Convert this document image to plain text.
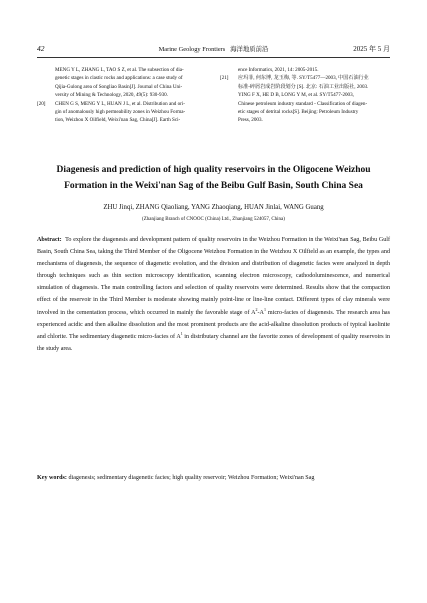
42	Marine Geology Frontiers 海洋地质前沿	2025 年 5 月
MENG Y L, ZHANG L, TAO S Z, et al. The subsection of dia-
genetic stages in clastic rocks and applications: a case study of
Qijia-Gulong area of Songliao Basin[J]. Journal of China Uni-
versity of Mining & Technology, 2020, 49(5): 930-930.
[20]	CHEN G S, MENG Y L, HUAN J L, et al. Distribution and ori-
gin of anomalously high permeability zones in Weizhou Forma-
tion, Weizhou X Oilfield, Weixi'nan Sag, China[J]. Earth Sci-
ence Informatics, 2021, 14: 2005-2015.
[21]	应玛菲, 何东博, 龙玉梅, 等. SY/T5477—2003, 中国石油行业
标准-碎屑岩成岩阶段划分 [S]. 北京: 石油工业出版社, 2003.
YING F X, HE D B, LONG Y M, et al. SY/T5477-2003,
Chinese petroleum industry standard - Classification of diagen-
etic stages of detrital rocks[S]. Beijing: Petroleum Industry
Press, 2003.
Diagenesis and prediction of high quality reservoirs in the Oligocene Weizhou
Formation in the Weixi'nan Sag of the Beibu Gulf Basin, South China Sea
ZHU Jinqi, ZHANG Qiaoliang, YANG Zhaoqiang, HUAN Jinlai, WANG Guang
(Zhanjiang Branch of CNOOC (China) Ltd., Zhanjiang 524057, China)
Abstract: To explore the diagenesis and development pattern of quality reservoirs in the Weizhou Formation in the Weixi'nan Sag, Beibu Gulf Basin, South China Sea, taking the Third Member of the Oligocene Weizhou Formation in the Weizhou X Oilfield as an example, the types and mechanisms of diagenesis, the sequence of diagenetic evolution, and the division and distribution of diagenetic facies were analyzed in depth through techniques such as thin section microscopy identification, scanning electron microscopy, cathodoluminescence, and numerical simulation of diagenesis. The main controlling factors and selection of quality reservoirs were determined. Results show that the compaction effect of the reservoir in the Third Member is moderate showing mainly point-line or line-line contact. Different types of clay minerals were involved in the cementation process, which occurred in mainly the favorable stage of $A^2-A^1$ micro-facies of diagenesis. The research area has experienced acidic and then alkaline dissolution and the most prominent products are the acid-alkaline dissolution products of typical kaolinite and chlorite. The sedimentary diagenetic micro-facies of $A^1$ in distributary channel are the favorite zones of development of quality reservoirs in the study area.
Key words: diagenesis; sedimentary diagenetic facies; high quality reservoir; Weizhou Formation; Weixi'nan Sag
